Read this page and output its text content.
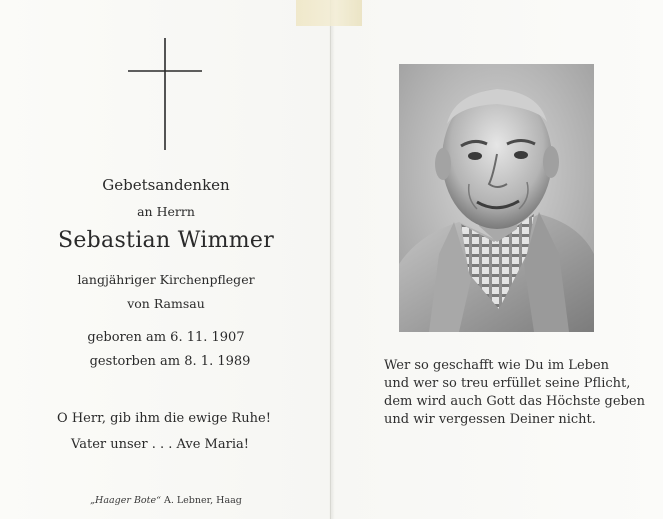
Gebetsandenken
an Herrn
Sebastian Wimmer
langjähriger Kirchenpfleger
von Ramsau
geboren am 6. 11. 1907
gestorben am 8. 1. 1989
O Herr, gib ihm die ewige Ruhe!
Vater unser . . . Ave Maria!
„Haager Bote“ A. Lebner, Haag
Wer so geschafft wie Du im Leben
und wer so treu erfüllet seine Pflicht,
dem wird auch Gott das Höchste geben
und wir vergessen Deiner nicht.
